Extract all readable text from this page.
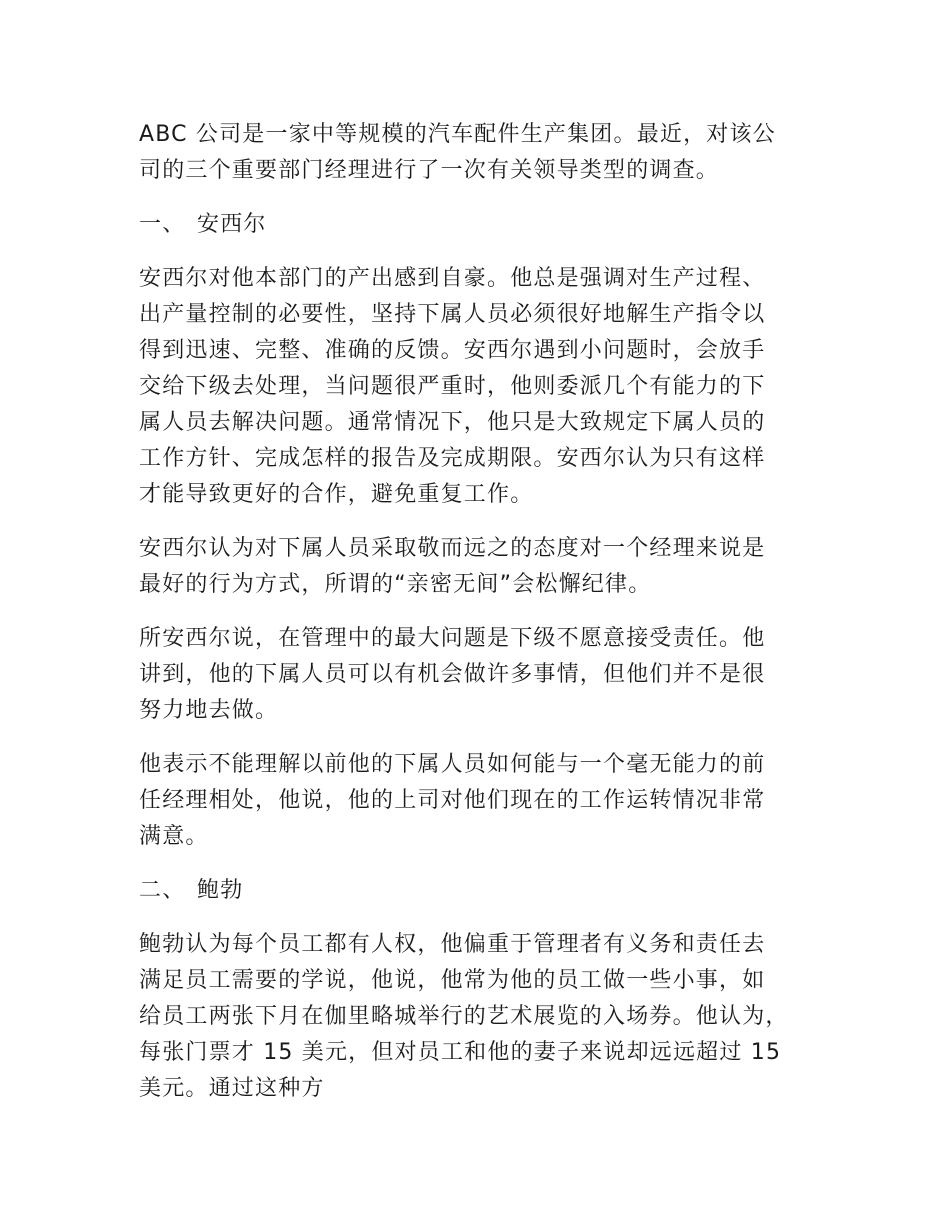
ABC 公司是一家中等规模的汽车配件生产集团。最近，对该公
司的三个重要部门经理进行了一次有关领导类型的调查。
一、 安西尔
安西尔对他本部门的产出感到自豪。他总是强调对生产过程、
出产量控制的必要性，坚持下属人员必须很好地解生产指令以
得到迅速、完整、准确的反馈。安西尔遇到小问题时，会放手
交给下级去处理，当问题很严重时，他则委派几个有能力的下
属人员去解决问题。通常情况下，他只是大致规定下属人员的
工作方针、完成怎样的报告及完成期限。安西尔认为只有这样
才能导致更好的合作，避免重复工作。
安西尔认为对下属人员采取敬而远之的态度对一个经理来说是
最好的行为方式，所谓的“亲密无间”会松懈纪律。
所安西尔说，在管理中的最大问题是下级不愿意接受责任。他
讲到，他的下属人员可以有机会做许多事情，但他们并不是很
努力地去做。
他表示不能理解以前他的下属人员如何能与一个毫无能力的前
任经理相处，他说，他的上司对他们现在的工作运转情况非常
满意。
二、 鲍勃
鲍勃认为每个员工都有人权，他偏重于管理者有义务和责任去
满足员工需要的学说，他说，他常为他的员工做一些小事，如
给员工两张下月在伽里略城举行的艺术展览的入场券。他认为，
每张门票才 15 美元，但对员工和他的妻子来说却远远超过 15
美元。通过这种方
